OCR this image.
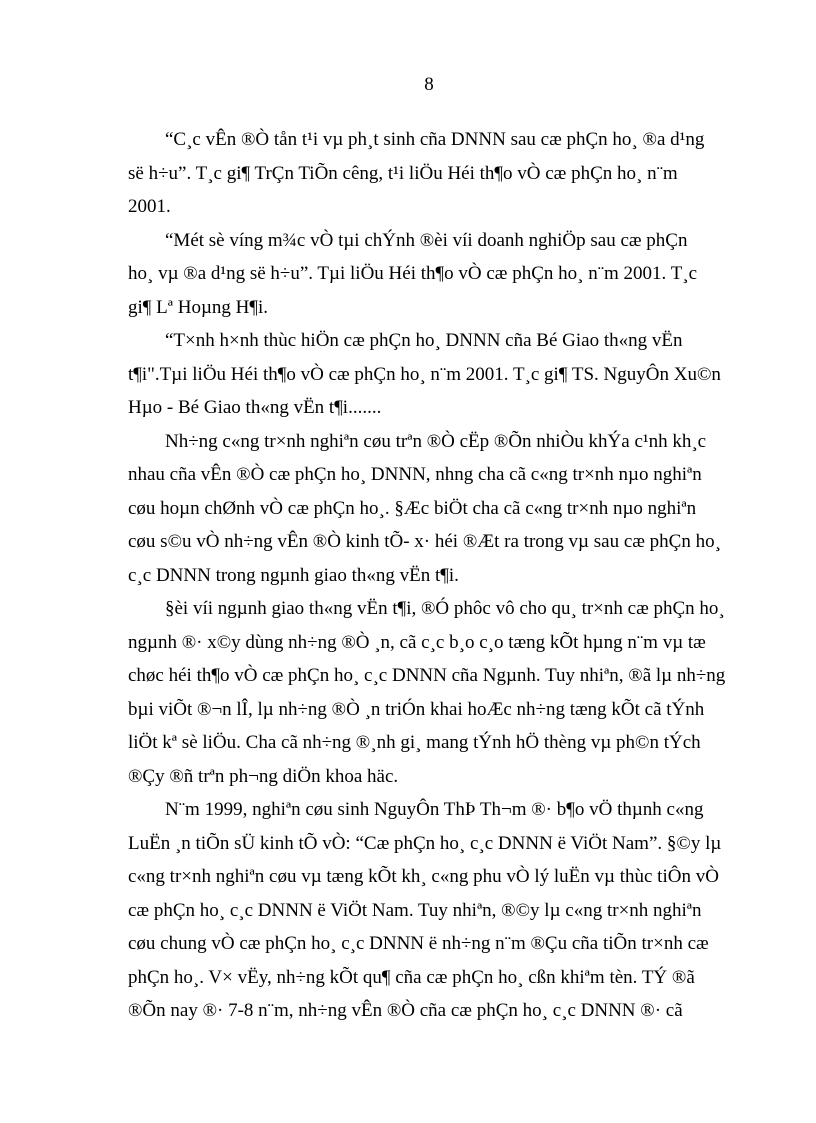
8

“C¸c vÊn ®Ò tån t¹i vµ ph¸t sinh cña DNNN sau cæ phÇn ho¸ ®a d¹ng
së h÷u”. T¸c gi¶ TrÇn TiÕn cêng, t¹i liÖu Héi th¶o vÒ cæ phÇn ho¸ n¨m
2001.

“Mét sè víng m¾c vÒ tµi chÝnh ®èi víi doanh nghiÖp sau cæ phÇn
ho¸ vµ ®a d¹ng së h÷u”. Tµi liÖu Héi th¶o vÒ cæ phÇn ho¸ n¨m 2001. T¸c
gi¶ Lª Hoµng H¶i.

“T×nh h×nh thùc hiÖn cæ phÇn ho¸ DNNN cña Bé Giao th«ng vËn
t¶i".Tµi liÖu Héi th¶o vÒ cæ phÇn ho¸ n¨m 2001. T¸c gi¶ TS. NguyÔn Xu©n
Hµo - Bé Giao th«ng vËn t¶i.......

Nh÷ng c«ng tr×nh nghiªn cøu trªn ®Ò cËp ®Õn nhiÒu khÝa c¹nh kh¸c
nhau cña vÊn ®Ò cæ phÇn ho¸ DNNN, nhng cha cã c«ng tr×nh nµo nghiªn
cøu hoµn chØnh vÒ cæ phÇn ho¸. §Æc biÖt cha cã c«ng tr×nh nµo nghiªn
cøu s©u vÒ nh÷ng vÊn ®Ò kinh tÕ- x· héi ®Æt ra trong vµ sau cæ phÇn ho¸
c¸c DNNN trong ngµnh giao th«ng vËn t¶i.

§èi víi ngµnh giao th«ng vËn t¶i, ®Ó phôc vô cho qu¸ tr×nh cæ phÇn ho¸
ngµnh ®· x©y dùng nh÷ng ®Ò ¸n, cã c¸c b¸o c¸o tæng kÕt hµng n¨m vµ tæ
chøc héi th¶o vÒ cæ phÇn ho¸ c¸c DNNN cña Ngµnh. Tuy nhiªn, ®ã lµ nh÷ng
bµi viÕt ®¬n lÎ, lµ nh÷ng ®Ò ¸n triÓn khai hoÆc nh÷ng tæng kÕt cã tÝnh
liÖt kª sè liÖu. Cha cã nh÷ng ®¸nh gi¸ mang tÝnh hÖ thèng vµ ph©n tÝch
®Çy ®ñ trªn ph¬ng diÖn khoa häc.

N¨m 1999, nghiªn cøu sinh NguyÔn ThÞ Th¬m ®· b¶o vÖ thµnh c«ng
LuËn ¸n tiÕn sÜ kinh tÕ vÒ: “Cæ phÇn ho¸ c¸c DNNN ë ViÖt Nam”. §©y lµ
c«ng tr×nh nghiªn cøu vµ tæng kÕt kh¸ c«ng phu vÒ lý luËn vµ thùc tiÔn vÒ
cæ phÇn ho¸ c¸c DNNN ë ViÖt Nam. Tuy nhiªn, ®©y lµ c«ng tr×nh nghiªn
cøu chung vÒ cæ phÇn ho¸ c¸c DNNN ë nh÷ng n¨m ®Çu cña tiÕn tr×nh cæ
phÇn ho¸. V× vËy, nh÷ng kÕt qu¶ cña cæ phÇn ho¸ cßn khiªm tèn. TÝ ®ã
®Õn nay ®· 7-8 n¨m, nh÷ng vÊn ®Ò cña cæ phÇn ho¸ c¸c DNNN ®· cã
